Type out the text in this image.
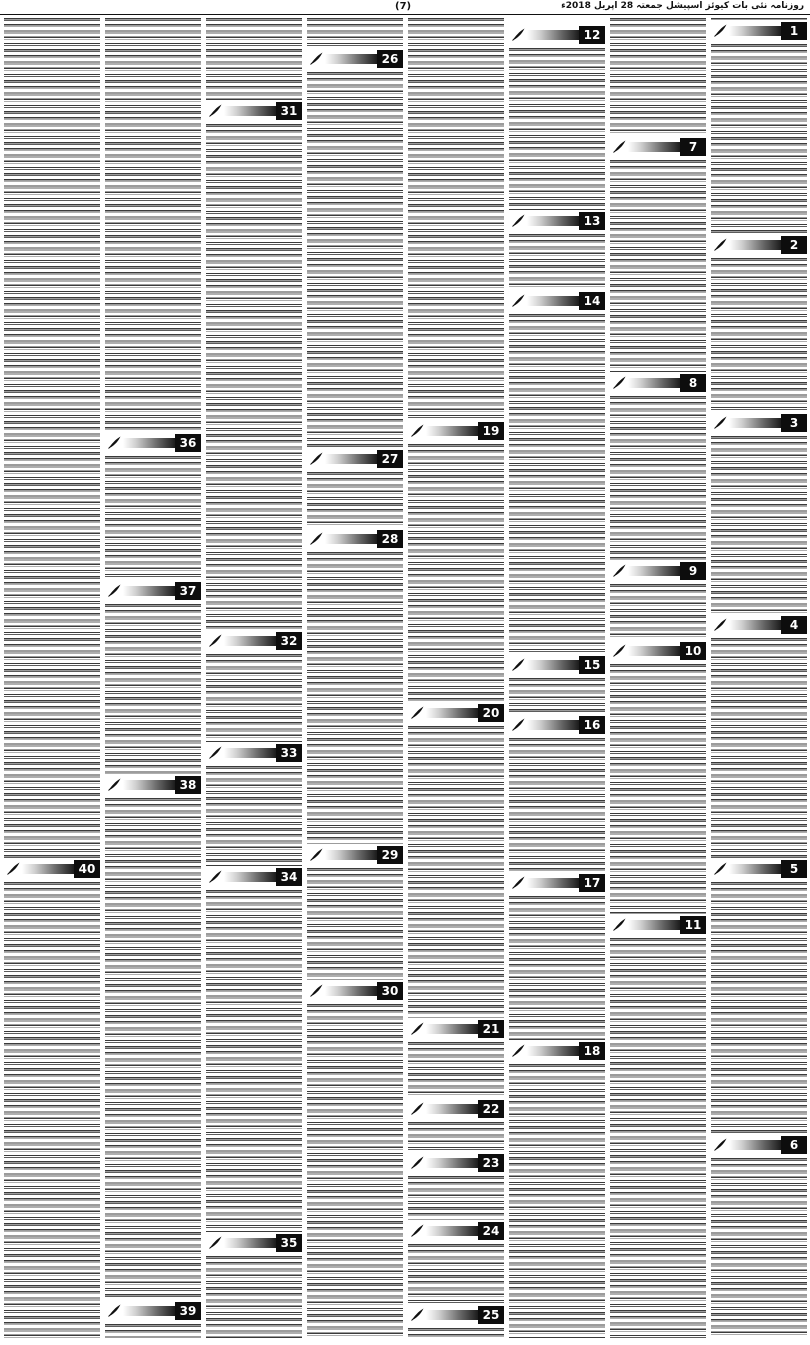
(7)	روزنامہ نئی بات کیوئز اسپیشل جمعتہ 28 اپریل 2018ء
1
2
3
4
5
6
7
8
9
10
11
12
13
14
15
16
17
18
19
20
21
22
23
24
25
26
27
28
29
30
31
32
33
34
35
36
37
38
39
40
